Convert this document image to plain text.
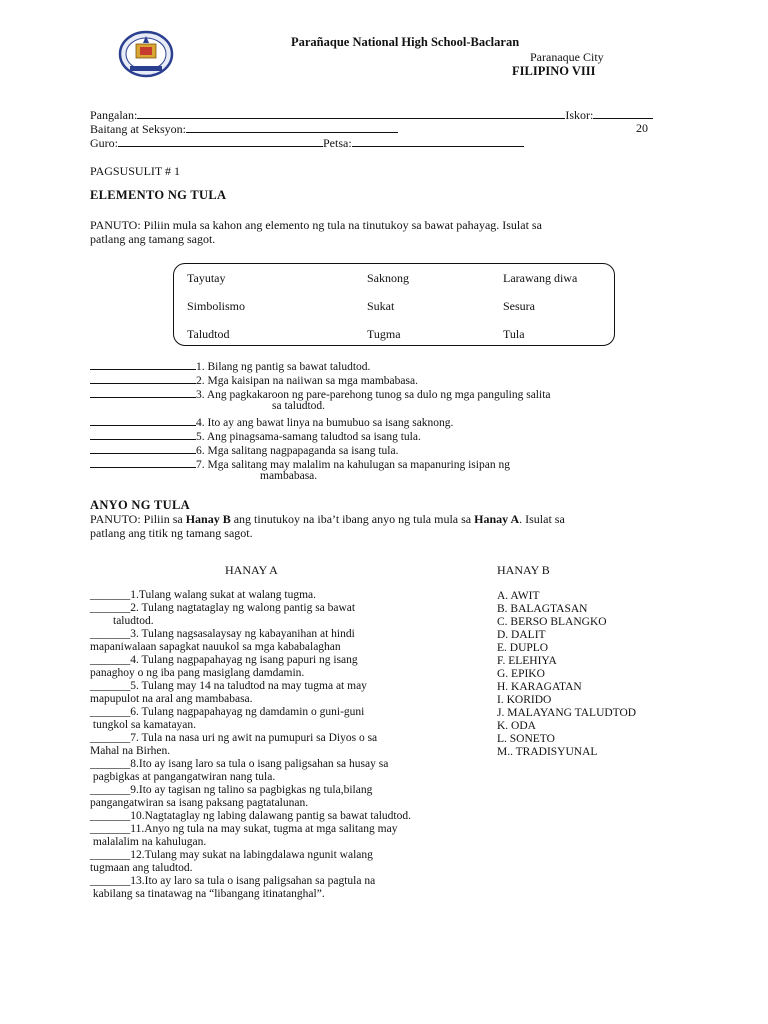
Parañaque National High School-Baclaran
Paranaque City
FILIPINO VIII
Pangalan:	Iskor:
Baitang at Seksyon:	20
Guro:	Petsa:
PAGSUSULIT # 1
ELEMENTO NG TULA
PANUTO: Piliin mula sa kahon ang elemento ng tula na tinutukoy sa bawat pahayag. Isulat sa
patlang ang tamang sagot.
Tayutay	Saknong	Larawang diwa
Simbolismo	Sukat	Sesura
Taludtod	Tugma	Tula
1. Bilang ng pantig sa bawat taludtod.
2. Mga kaisipan na naiiwan sa mga mambabasa.
3. Ang pagkakaroon ng pare-parehong tunog sa dulo ng mga panguling salita
sa taludtod.
4. Ito ay ang bawat linya na bumubuo sa isang saknong.
5. Ang pinagsama-samang taludtod sa isang tula.
6. Mga salitang nagpapaganda sa isang tula.
7. Mga salitang may malalim na kahulugan sa mapanuring isipan ng
mambabasa.
ANYO NG TULA
PANUTO: Piliin sa Hanay B ang tinutukoy na iba’t ibang anyo ng tula mula sa Hanay A. Isulat sa
patlang ang titik ng tamang sagot.
HANAY A	HANAY B
_______1.Tulang walang sukat at walang tugma.
_______2. Tulang nagtataglay ng walong pantig sa bawat
taludtod.
_______3. Tulang nagsasalaysay ng kabayanihan at hindi
mapaniwalaan sapagkat nauukol sa mga kababalaghan
_______4. Tulang nagpapahayag ng isang papuri ng isang
panaghoy o ng iba pang masiglang damdamin.
_______5. Tulang may 14 na taludtod na may tugma at may
mapupulot na aral ang mambabasa.
_______6. Tulang nagpapahayag ng damdamin o guni-guni
tungkol sa kamatayan.
_______7. Tula na nasa uri ng awit na pumupuri sa Diyos o sa
Mahal na Birhen.
_______8.Ito ay isang laro sa tula o isang paligsahan sa husay sa
pagbigkas at pangangatwiran nang tula.
_______9.Ito ay tagisan ng talino sa pagbigkas ng tula,bilang
pangangatwiran sa isang paksang pagtatalunan.
_______10.Nagtataglay ng labing dalawang pantig sa bawat taludtod.
_______11.Anyo ng tula na may sukat, tugma at mga salitang may
malalalim na kahulugan.
_______12.Tulang may sukat na labingdalawa ngunit walang
tugmaan ang taludtod.
_______13.Ito ay laro sa tula o isang paligsahan sa pagtula na
kabilang sa tinatawag na “libangang itinatanghal”.
A. AWIT
B. BALAGTASAN
C. BERSO BLANGKO
D. DALIT
E. DUPLO
F. ELEHIYA
G. EPIKO
H. KARAGATAN
I. KORIDO
J. MALAYANG TALUDTOD
K. ODA
L. SONETO
M.. TRADISYUNAL
